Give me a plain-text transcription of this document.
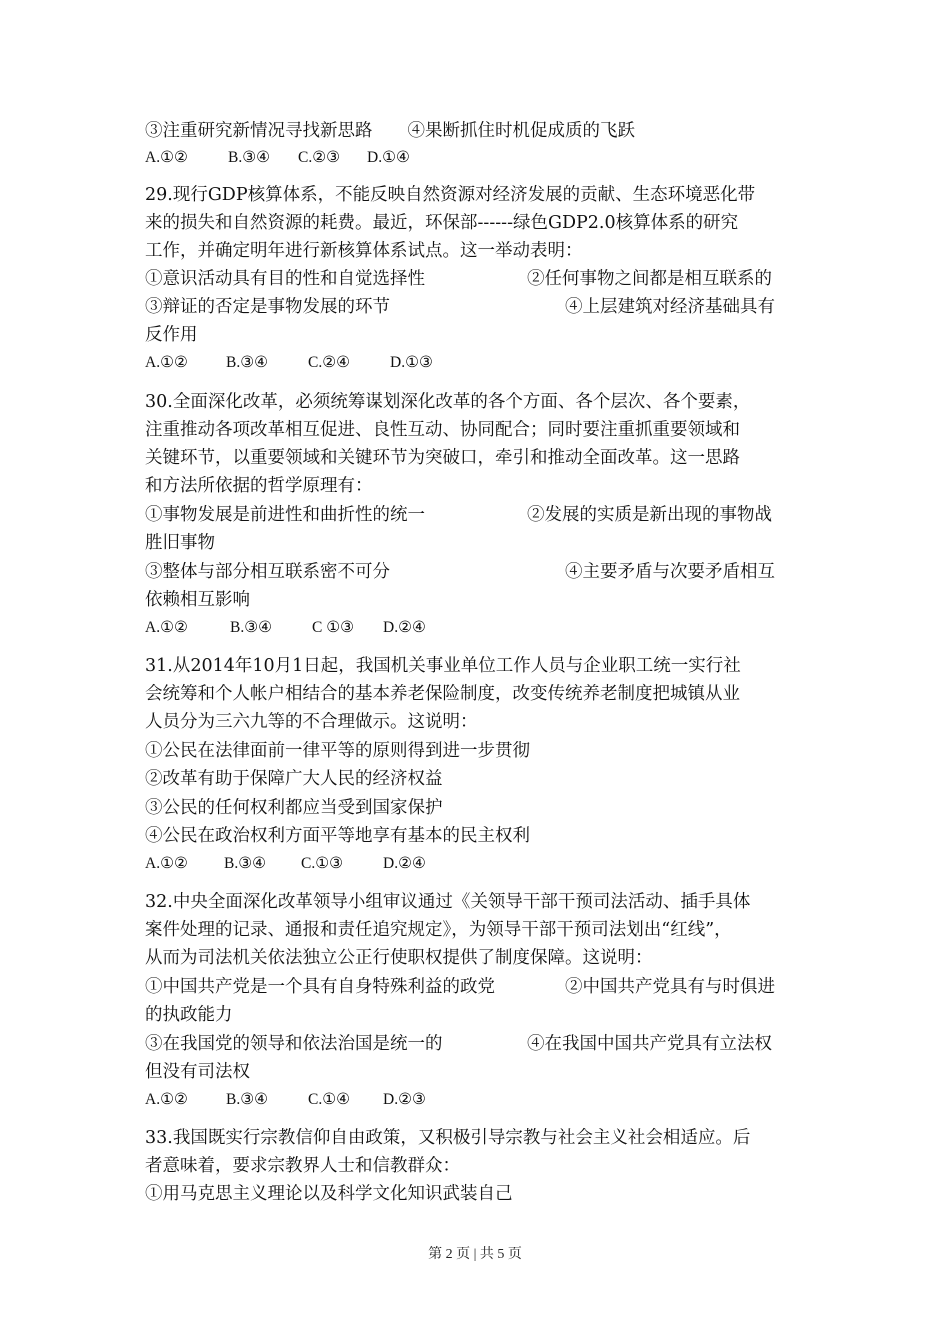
③注重研究新情况寻找新思路　　④果断抓住时机促成质的飞跃
A.①②	B.③④ C.②③ D.①④
29.现行GDP核算体系，不能反映自然资源对经济发展的贡献、生态环境恶化带
来的损失和自然资源的耗费。最近，环保部------绿色GDP2.0核算体系的研究
工作，并确定明年进行新核算体系试点。这一举动表明：
①意识活动具有目的性和自觉选择性	②任何事物之间都是相互联系的
③辩证的否定是事物发展的环节	④上层建筑对经济基础具有
反作用
A.①② B.③④	C.②④	D.①③
30.全面深化改革，必须统筹谋划深化改革的各个方面、各个层次、各个要素，
注重推动各项改革相互促进、良性互动、协同配合；同时要注重抓重要领域和
关键环节，以重要领域和关键环节为突破口，牵引和推动全面改革。这一思路
和方法所依据的哲学原理有：
①事物发展是前进性和曲折性的统一	②发展的实质是新出现的事物战
胜旧事物
③整体与部分相互联系密不可分	④主要矛盾与次要矛盾相互
依赖相互影响
A.①②	B.③④	C ①③ D.②④
31.从2014年10月1日起，我国机关事业单位工作人员与企业职工统一实行社
会统筹和个人帐户相结合的基本养老保险制度，改变传统养老制度把城镇从业
人员分为三六九等的不合理做示。这说明：
①公民在法律面前一律平等的原则得到进一步贯彻
②改革有助于保障广大人民的经济权益
③公民的任何权利都应当受到国家保护
④公民在政治权利方面平等地享有基本的民主权利
A.①② B.③④ C.①③	D.②④
32.中央全面深化改革领导小组审议通过《关领导干部干预司法活动、插手具体
案件处理的记录、通报和责任追究规定》，为领导干部干预司法划出“红线”，
从而为司法机关依法独立公正行使职权提供了制度保障。这说明：
①中国共产党是一个具有自身特殊利益的政党	②中国共产党具有与时俱进
的执政能力
③在我国党的领导和依法治国是统一的	④在我国中国共产党具有立法权
但没有司法权
A.①② B.③④	C.①④ D.②③
33.我国既实行宗教信仰自由政策，又积极引导宗教与社会主义社会相适应。后
者意味着，要求宗教界人士和信教群众：
①用马克思主义理论以及科学文化知识武装自己
第 2 页 | 共 5 页
